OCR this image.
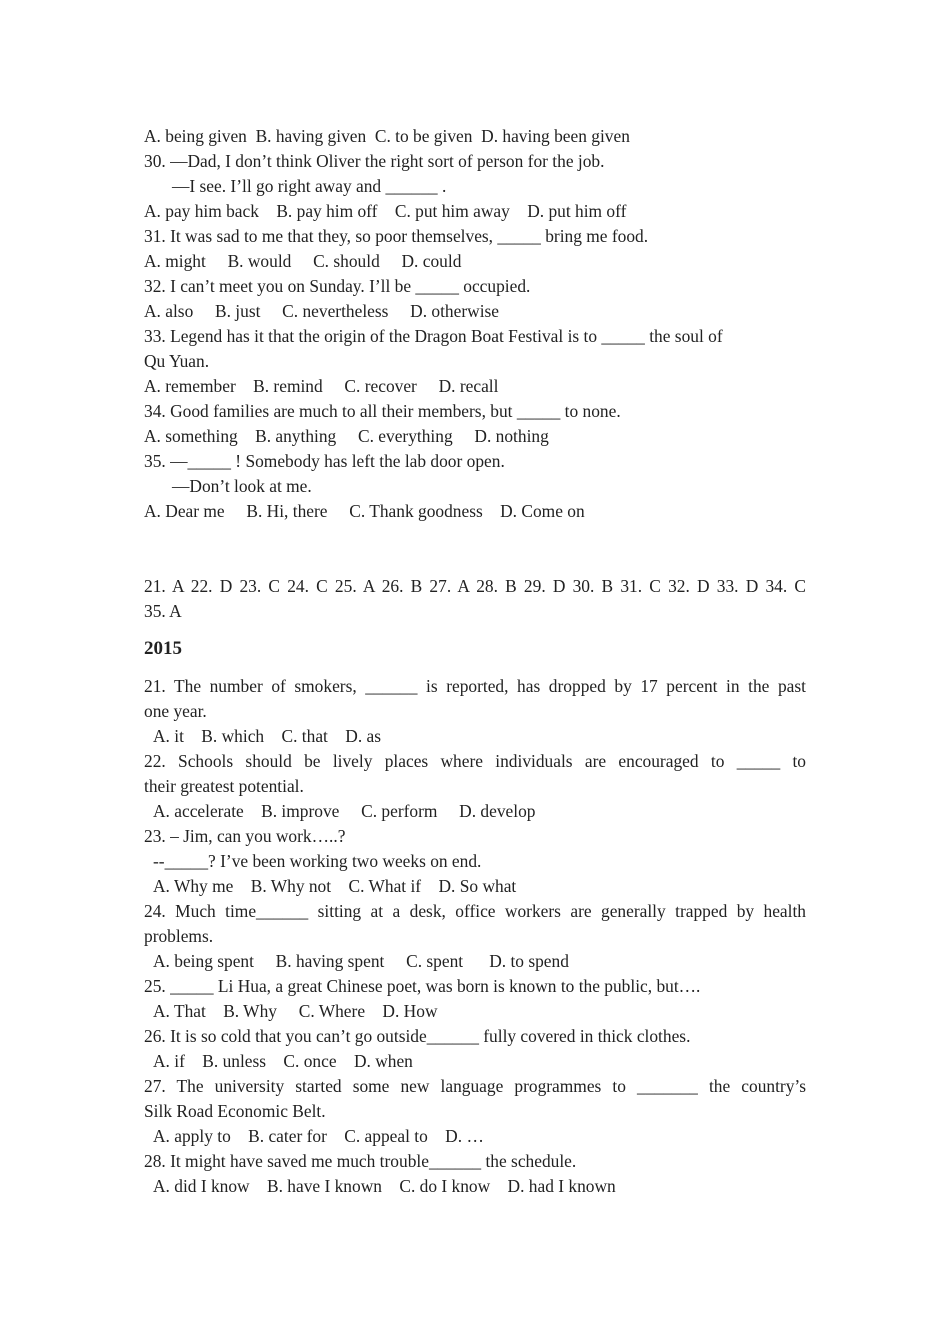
A. being given  B. having given  C. to be given  D. having been given
30. —Dad, I don’t think Oliver the right sort of person for the job.
—I see. I’ll go right away and ______ .
A. pay him back    B. pay him off    C. put him away    D. put him off
31. It was sad to me that they, so poor themselves, _____ bring me food.
A. might     B. would     C. should     D. could
32. I can’t meet you on Sunday. I’ll be _____ occupied.
A. also     B. just     C. nevertheless     D. otherwise
33. Legend has it that the origin of the Dragon Boat Festival is to _____ the soul of
Qu Yuan.
A. remember    B. remind     C. recover     D. recall
34. Good families are much to all their members, but _____ to none.
A. something    B. anything     C. everything     D. nothing
35. —_____ ! Somebody has left the lab door open.
—Don’t look at me.
A. Dear me     B. Hi, there     C. Thank goodness    D. Come on
21. A 22. D 23. C 24. C 25. A 26. B 27. A 28. B 29. D 30. B 31. C 32. D 33. D 34. C
35. A
2015
21. The number of smokers, ______ is reported, has dropped by 17 percent in the past
one year.
A. it    B. which    C. that    D. as
22. Schools should be lively places where individuals are encouraged to _____ to
their greatest potential.
A. accelerate    B. improve     C. perform     D. develop
23. – Jim, can you work…..?
--_____? I’ve been working two weeks on end.
A. Why me    B. Why not    C. What if    D. So what
24. Much time______ sitting at a desk, office workers are generally trapped by health
problems.
A. being spent     B. having spent     C. spent      D. to spend
25. _____ Li Hua, a great Chinese poet, was born is known to the public, but….
A. That    B. Why     C. Where    D. How
26. It is so cold that you can’t go outside______ fully covered in thick clothes.
A. if    B. unless    C. once    D. when
27. The university started some new language programmes to _______ the country’s
Silk Road Economic Belt.
A. apply to    B. cater for    C. appeal to    D. …
28. It might have saved me much trouble______ the schedule.
A. did I know    B. have I known    C. do I know    D. had I known
